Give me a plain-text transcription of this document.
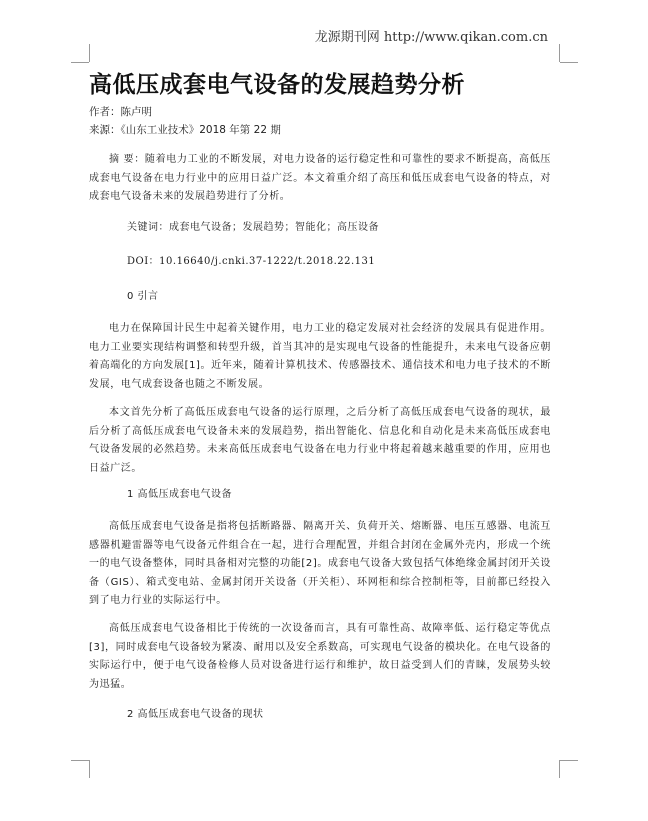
龙源期刊网 http://www.qikan.com.cn
高低压成套电气设备的发展趋势分析
作者：陈卢明
来源：《山东工业技术》2018 年第 22 期

摘 要：随着电力工业的不断发展，对电力设备的运行稳定性和可靠性的要求不断提高，高低压成套电气设备在电力行业中的应用日益广泛。本文着重介绍了高压和低压成套电气设备的特点，对成套电气设备未来的发展趋势进行了分析。

关键词：成套电气设备；发展趋势；智能化；高压设备

DOI：10.16640/j.cnki.37-1222/t.2018.22.131

0 引言

电力在保障国计民生中起着关键作用，电力工业的稳定发展对社会经济的发展具有促进作用。电力工业要实现结构调整和转型升级，首当其冲的是实现电气设备的性能提升，未来电气设备应朝着高端化的方向发展[1]。近年来，随着计算机技术、传感器技术、通信技术和电力电子技术的不断发展，电气成套设备也随之不断发展。

本文首先分析了高低压成套电气设备的运行原理，之后分析了高低压成套电气设备的现状，最后分析了高低压成套电气设备未来的发展趋势，指出智能化、信息化和自动化是未来高低压成套电气设备发展的必然趋势。未来高低压成套电气设备在电力行业中将起着越来越重要的作用，应用也日益广泛。

1 高低压成套电气设备

高低压成套电气设备是指将包括断路器、隔离开关、负荷开关、熔断器、电压互感器、电流互感器机避雷器等电气设备元件组合在一起，进行合理配置，并组合封闭在金属外壳内，形成一个统一的电气设备整体，同时具备相对完整的功能[2]。成套电气设备大致包括气体绝缘金属封闭开关设备（GIS）、箱式变电站、金属封闭开关设备（开关柜）、环网柜和综合控制柜等，目前都已经投入到了电力行业的实际运行中。

高低压成套电气设备相比于传统的一次设备而言，具有可靠性高、故障率低、运行稳定等优点[3]，同时成套电气设备较为紧凑、耐用以及安全系数高，可实现电气设备的模块化。在电气设备的实际运行中，便于电气设备检修人员对设备进行运行和维护，故日益受到人们的青睐，发展势头较为迅猛。

2 高低压成套电气设备的现状
